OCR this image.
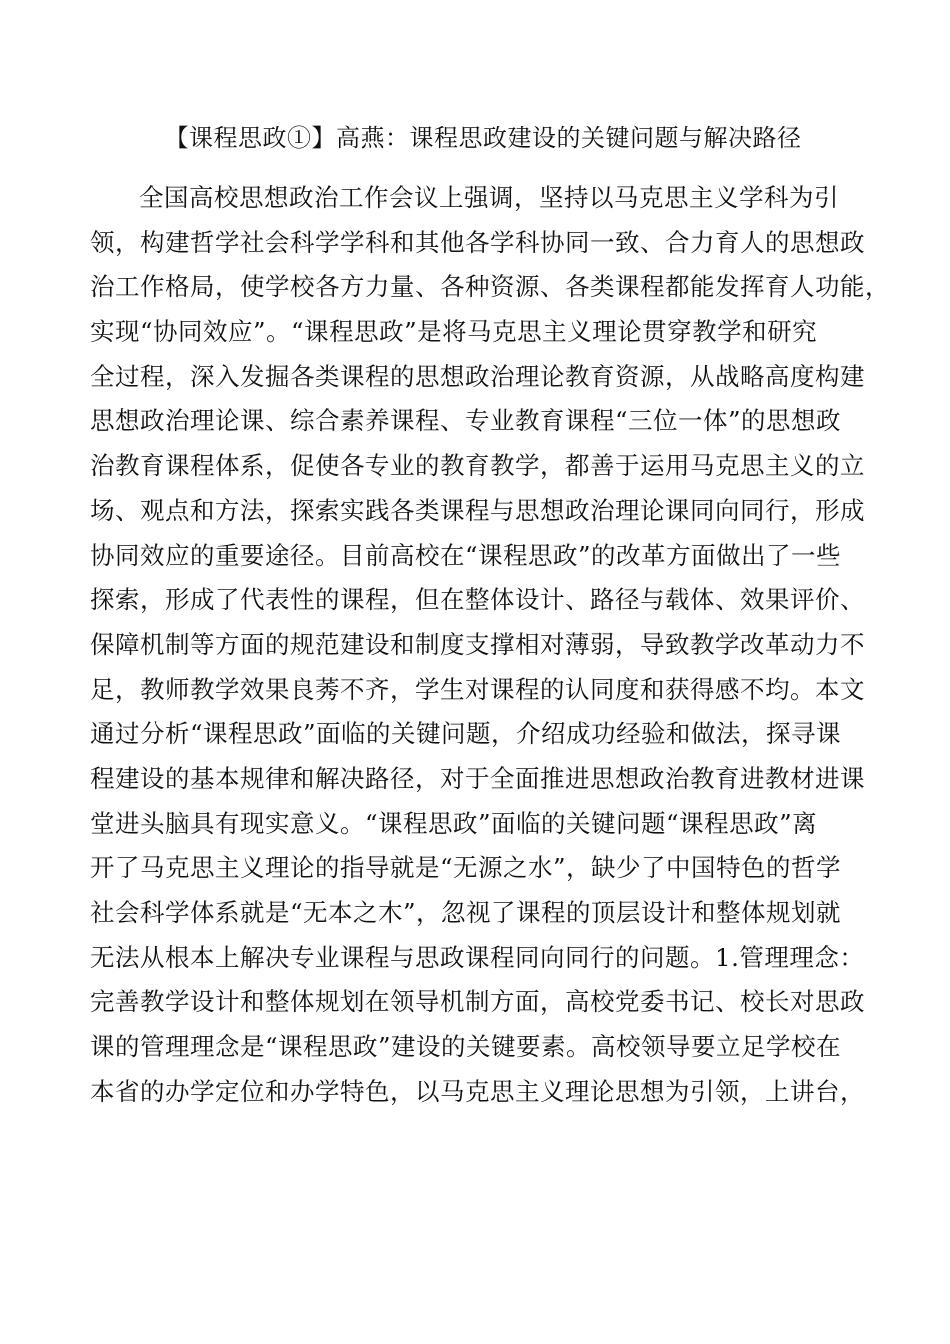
【课程思政①】高燕：课程思政建设的关键问题与解决路径
全国高校思想政治工作会议上强调，坚持以马克思主义学科为引
领，构建哲学社会科学学科和其他各学科协同一致、合力育人的思想政
治工作格局，使学校各方力量、各种资源、各类课程都能发挥育人功能，
实现“协同效应”。“课程思政”是将马克思主义理论贯穿教学和研究
全过程，深入发掘各类课程的思想政治理论教育资源，从战略高度构建
思想政治理论课、综合素养课程、专业教育课程“三位一体”的思想政
治教育课程体系，促使各专业的教育教学，都善于运用马克思主义的立
场、观点和方法，探索实践各类课程与思想政治理论课同向同行，形成
协同效应的重要途径。目前高校在“课程思政”的改革方面做出了一些
探索，形成了代表性的课程，但在整体设计、路径与载体、效果评价、
保障机制等方面的规范建设和制度支撑相对薄弱，导致教学改革动力不
足，教师教学效果良莠不齐，学生对课程的认同度和获得感不均。本文
通过分析“课程思政”面临的关键问题，介绍成功经验和做法，探寻课
程建设的基本规律和解决路径，对于全面推进思想政治教育进教材进课
堂进头脑具有现实意义。“课程思政”面临的关键问题“课程思政”离
开了马克思主义理论的指导就是“无源之水”，缺少了中国特色的哲学
社会科学体系就是“无本之木”，忽视了课程的顶层设计和整体规划就
无法从根本上解决专业课程与思政课程同向同行的问题。1.管理理念：
完善教学设计和整体规划在领导机制方面，高校党委书记、校长对思政
课的管理理念是“课程思政”建设的关键要素。高校领导要立足学校在
本省的办学定位和办学特色，以马克思主义理论思想为引领，上讲台，
